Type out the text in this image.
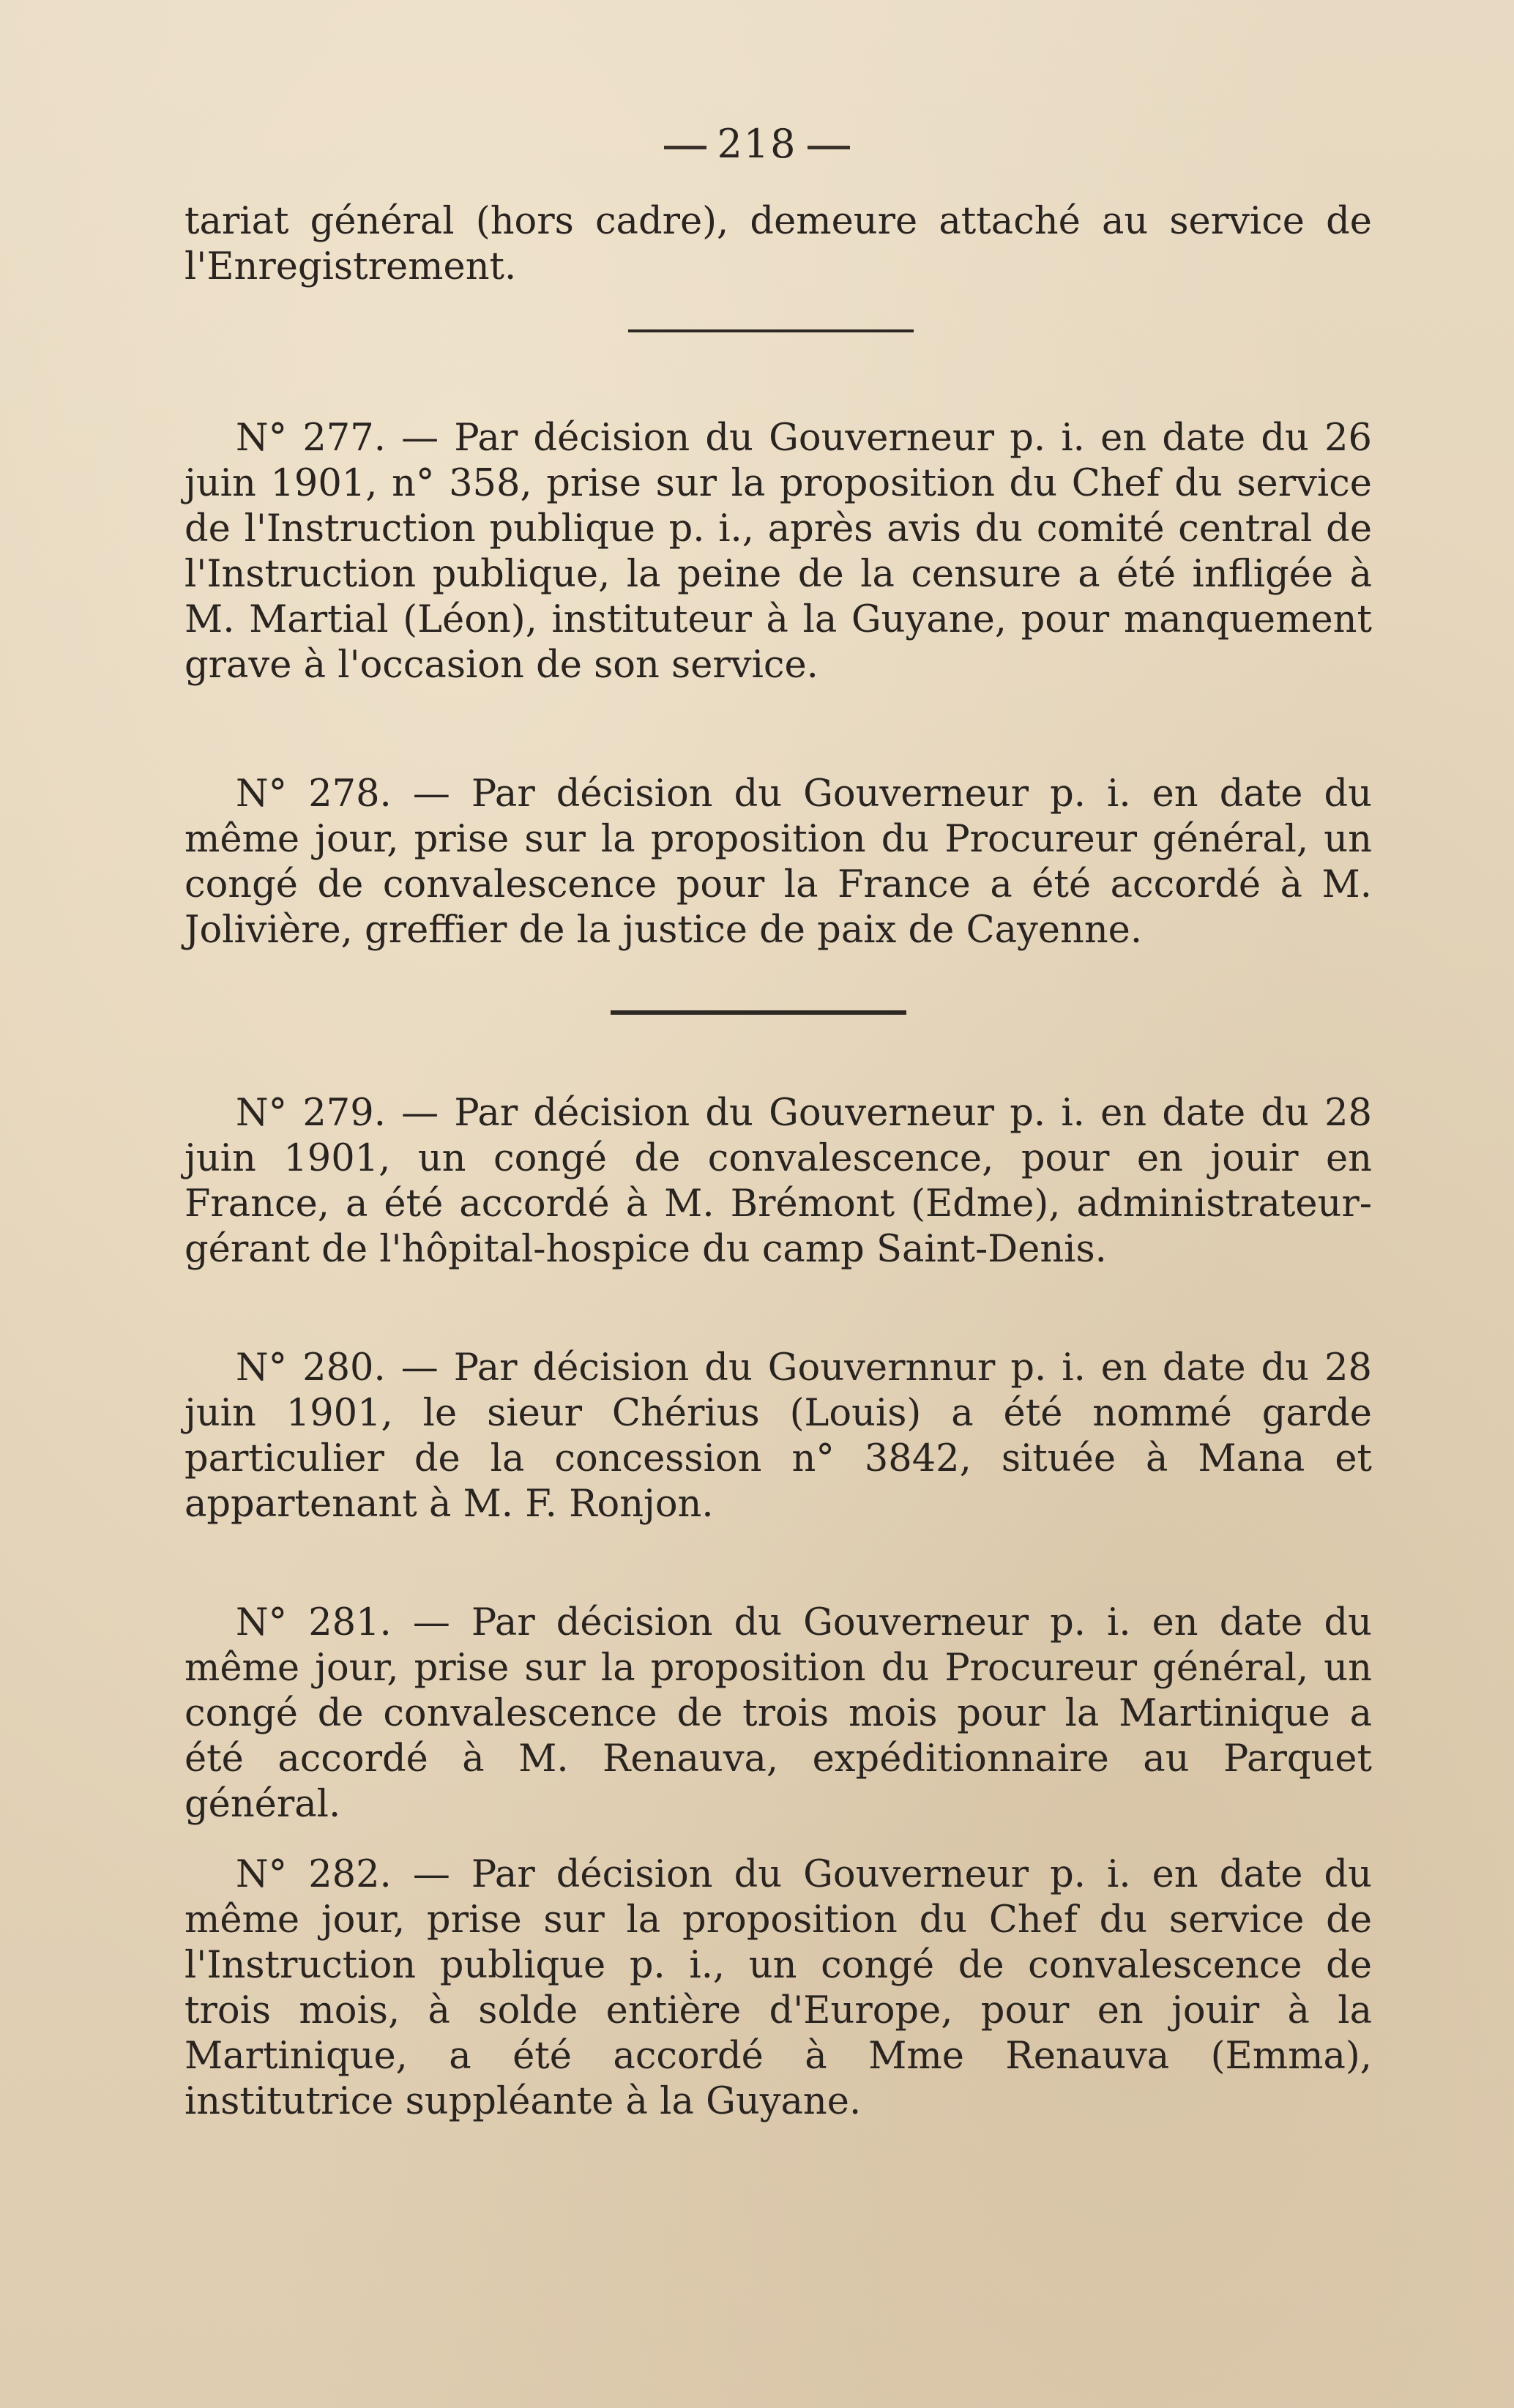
218

tariat général (hors cadre), demeure attaché au service de l'Enregistrement.

N° 277. — Par décision du Gouverneur p. i. en date du 26 juin 1901, n° 358, prise sur la proposition du Chef du service de l'Instruction publique p. i., après avis du comité central de l'Instruction publique, la peine de la censure a été infligée à M. Martial (Léon), instituteur à la Guyane, pour manquement grave à l'occasion de son service.

N° 278. — Par décision du Gouverneur p. i. en date du même jour, prise sur la proposition du Procureur général, un congé de convalescence pour la France a été accordé à M. Jolivière, greffier de la justice de paix de Cayenne.

N° 279. — Par décision du Gouverneur p. i. en date du 28 juin 1901, un congé de convalescence, pour en jouir en France, a été accordé à M. Brémont (Edme), administrateur-gérant de l'hôpital-hospice du camp Saint-Denis.

N° 280. — Par décision du Gouvernnur p. i. en date du 28 juin 1901, le sieur Chérius (Louis) a été nommé garde particulier de la concession n° 3842, située à Mana et appartenant à M. F. Ronjon.

N° 281. — Par décision du Gouverneur p. i. en date du même jour, prise sur la proposition du Procureur général, un congé de convalescence de trois mois pour la Martinique a été accordé à M. Renauva, expéditionnaire au Parquet général.

N° 282. — Par décision du Gouverneur p. i. en date du même jour, prise sur la proposition du Chef du service de l'Instruction publique p. i., un congé de convalescence de trois mois, à solde entière d'Europe, pour en jouir à la Martinique, a été accordé à Mme Renauva (Emma), institutrice suppléante à la Guyane.
